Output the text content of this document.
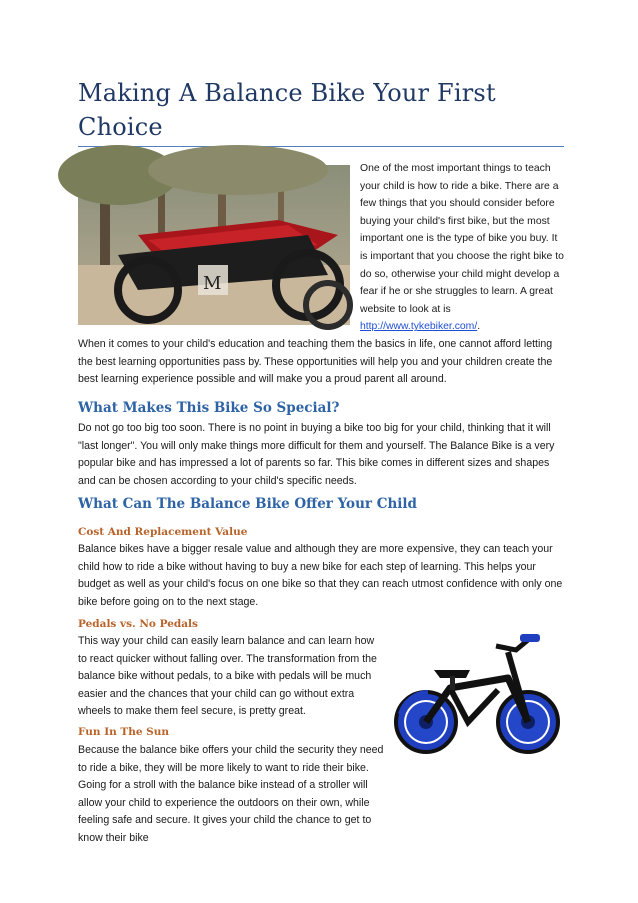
Making A Balance Bike Your First Choice
M
One of the most important things to teach your child is how to ride a bike. There are a few things that you should consider before buying your child's first bike, but the most important one is the type of bike you buy. It is important that you choose the right bike to do so, otherwise your child might develop a fear if he or she struggles to learn. A great website to look at is http://www.tykebiker.com/.

When it comes to your child's education and teaching them the basics in life, one cannot afford letting the best learning opportunities pass by. These opportunities will help you and your children create the best learning experience possible and will make you a proud parent all around.

What Makes This Bike So Special?

Do not go too big too soon. There is no point in buying a bike too big for your child, thinking that it will "last longer". You will only make things more difficult for them and yourself. The Balance Bike is a very popular bike and has impressed a lot of parents so far. This bike comes in different sizes and shapes and can be chosen according to your child's specific needs.

What Can The Balance Bike Offer Your Child
Cost And Replacement Value

Balance bikes have a bigger resale value and although they are more expensive, they can teach your child how to ride a bike without having to buy a new bike for each step of learning. This helps your budget as well as your child's focus on one bike so that they can reach utmost confidence with only one bike before going on to the next stage.

Pedals vs. No Pedals

This way your child can easily learn balance and can learn how to react quicker without falling over. The transformation from the balance bike without pedals, to a bike with pedals will be much easier and the chances that your child can go without extra wheels to make them feel secure, is pretty great.

Fun In The Sun

Because the balance bike offers your child the security they need to ride a bike, they will be more likely to want to ride their bike. Going for a stroll with the balance bike instead of a stroller will allow your child to experience the outdoors on their own, while feeling safe and secure. It gives your child the chance to get to know their bike
